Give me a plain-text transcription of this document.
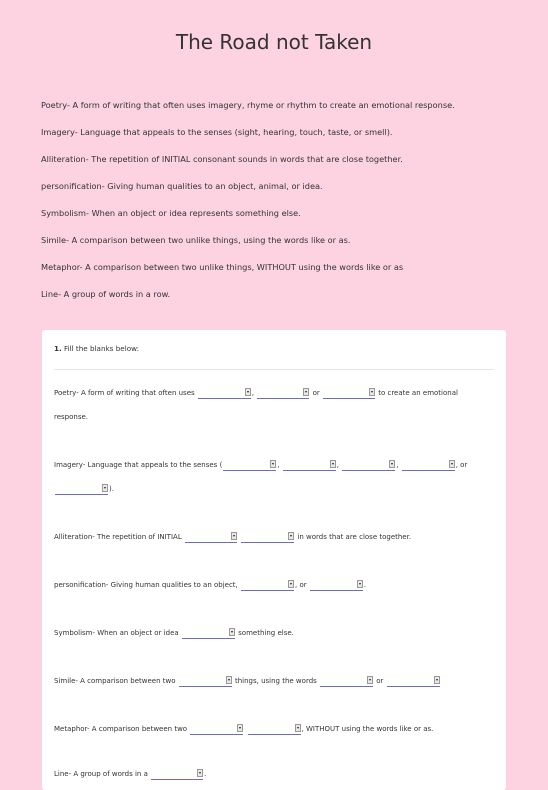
The Road not Taken
Poetry- A form of writing that often uses imagery, rhyme or rhythm to create an emotional response.
Imagery- Language that appeals to the senses (sight, hearing, touch, taste, or smell).
Alliteration- The repetition of INITIAL consonant sounds in words that are close together.
personification- Giving human qualities to an object, animal, or idea.
Symbolism- When an object or idea represents something else.
Simile- A comparison between two unlike things, using the words like or as.
Metaphor- A comparison between two unlike things, WITHOUT using the words like or as
Line- A group of words in a row.
1. Fill the blanks below:
Poetry- A form of writing that often uses	,	or	to create an emotional
response.
Imagery- Language that appeals to the senses (	,	,	,	, or

).
Alliteration- The repetition of INITIAL
	in words that are close together.
personification- Giving human qualities to an object,	, or	.
Symbolism- When an object or idea	something else.
Simile- A comparison between two	things, using the words	or
Metaphor- A comparison between two
	, WITHOUT using the words like or as.
Line- A group of words in a	.
